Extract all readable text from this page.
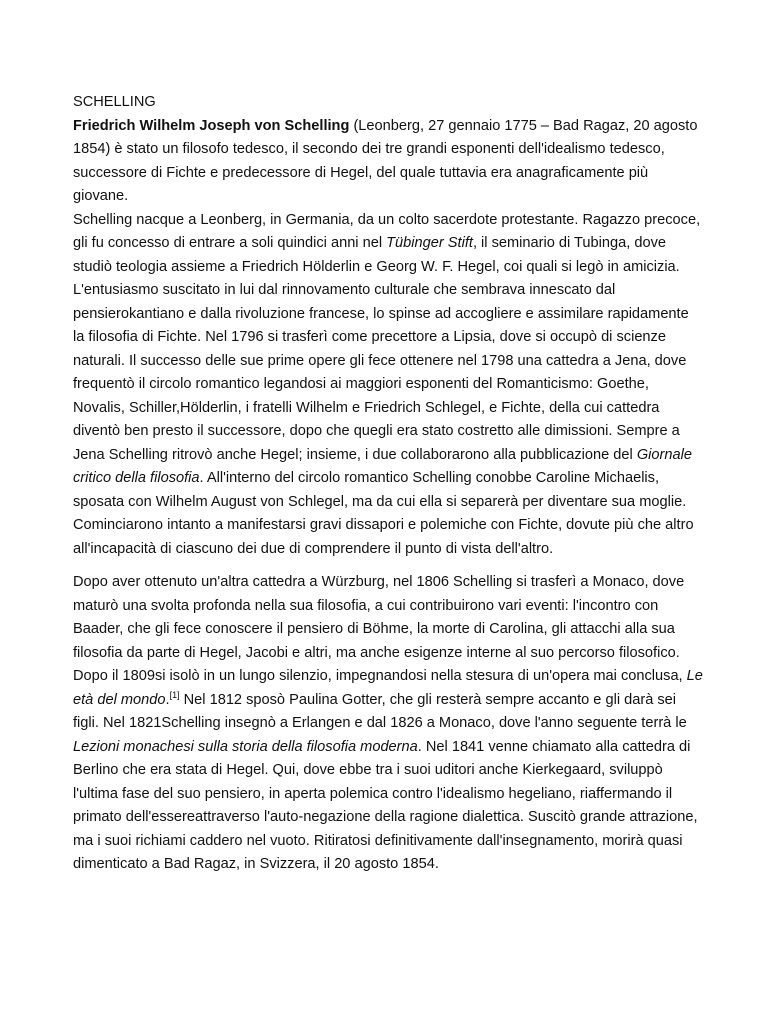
SCHELLING

Friedrich Wilhelm Joseph von Schelling (Leonberg, 27 gennaio 1775 – Bad Ragaz, 20 agosto 1854) è stato un filosofo tedesco, il secondo dei tre grandi esponenti dell'idealismo tedesco, successore di Fichte e predecessore di Hegel, del quale tuttavia era anagraficamente più giovane.

Schelling nacque a Leonberg, in Germania, da un colto sacerdote protestante. Ragazzo precoce, gli fu concesso di entrare a soli quindici anni nel Tübinger Stift, il seminario di Tubinga, dove studiò teologia assieme a Friedrich Hölderlin e Georg W. F. Hegel, coi quali si legò in amicizia. L'entusiasmo suscitato in lui dal rinnovamento culturale che sembrava innescato dal pensierokantiano e dalla rivoluzione francese, lo spinse ad accogliere e assimilare rapidamente la filosofia di Fichte. Nel 1796 si trasferì come precettore a Lipsia, dove si occupò di scienze naturali. Il successo delle sue prime opere gli fece ottenere nel 1798 una cattedra a Jena, dove frequentò il circolo romantico legandosi ai maggiori esponenti del Romanticismo: Goethe, Novalis, Schiller,Hölderlin, i fratelli Wilhelm e Friedrich Schlegel, e Fichte, della cui cattedra diventò ben presto il successore, dopo che quegli era stato costretto alle dimissioni. Sempre a Jena Schelling ritrovò anche Hegel; insieme, i due collaborarono alla pubblicazione del Giornale critico della filosofia. All'interno del circolo romantico Schelling conobbe Caroline Michaelis, sposata con Wilhelm August von Schlegel, ma da cui ella si separerà per diventare sua moglie. Cominciarono intanto a manifestarsi gravi dissapori e polemiche con Fichte, dovute più che altro all'incapacità di ciascuno dei due di comprendere il punto di vista dell'altro.

Dopo aver ottenuto un'altra cattedra a Würzburg, nel 1806 Schelling si trasferì a Monaco, dove maturò una svolta profonda nella sua filosofia, a cui contribuirono vari eventi: l'incontro con Baader, che gli fece conoscere il pensiero di Böhme, la morte di Carolina, gli attacchi alla sua filosofia da parte di Hegel, Jacobi e altri, ma anche esigenze interne al suo percorso filosofico. Dopo il 1809si isolò in un lungo silenzio, impegnandosi nella stesura di un'opera mai conclusa, Le età del mondo.[1] Nel 1812 sposò Paulina Gotter, che gli resterà sempre accanto e gli darà sei figli. Nel 1821Schelling insegnò a Erlangen e dal 1826 a Monaco, dove l'anno seguente terrà le Lezioni monachesi sulla storia della filosofia moderna. Nel 1841 venne chiamato alla cattedra di Berlino che era stata di Hegel. Qui, dove ebbe tra i suoi uditori anche Kierkegaard, sviluppò l'ultima fase del suo pensiero, in aperta polemica contro l'idealismo hegeliano, riaffermando il primato dell'essereattraverso l'auto-negazione della ragione dialettica. Suscitò grande attrazione, ma i suoi richiami caddero nel vuoto. Ritiratosi definitivamente dall'insegnamento, morirà quasi dimenticato a Bad Ragaz, in Svizzera, il 20 agosto 1854.
